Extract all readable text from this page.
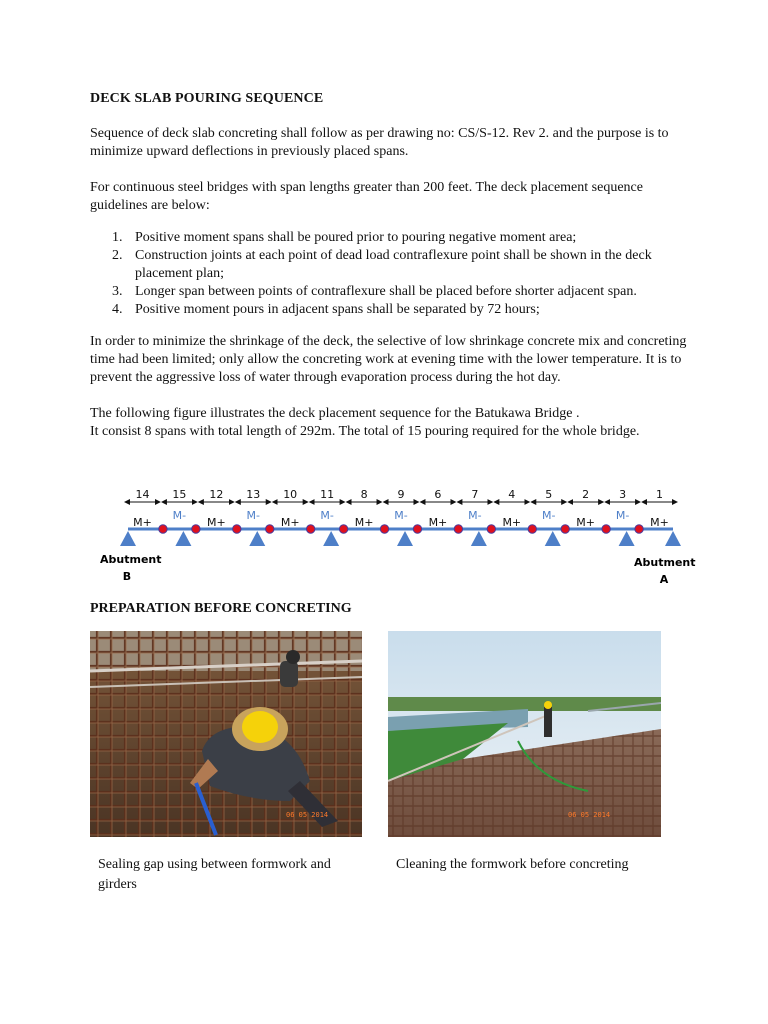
DECK SLAB POURING SEQUENCE

Sequence of deck slab concreting shall follow as per drawing no: CS/S-12. Rev 2. and the purpose is to minimize upward deflections in previously placed spans.

For continuous steel bridges with span lengths greater than 200 feet. The deck placement sequence guidelines are below:

1. Positive moment spans shall be poured prior to pouring negative moment area;
2. Construction joints at each point of dead load contraflexure point shall be shown in the deck placement plan;
3. Longer span between points of contraflexure shall be placed before shorter adjacent span.
4. Positive moment pours in adjacent spans shall be separated by 72 hours;

In order to minimize the shrinkage of the deck, the selective of low shrinkage concrete mix and concreting time had been limited; only allow the concreting work at evening time with the lower temperature. It is to prevent the aggressive loss of water through evaporation process during the hot day.

The following figure illustrates the deck placement sequence for the Batukawa Bridge .

It consist 8 spans with total length of 292m. The total of 15 pouring required for the whole bridge.

14 15 12 13 10 11 8	9	6	7	4	5	2	3	1
M+
M-
M+
M-
M+
M-
M+
M-
M+
M-
M+
M-
M+
M-
M+
Abutment
B
Abutment
A
PREPARATION BEFORE CONCRETING
06 05 2014	06 05 2014

Sealing gap using between formwork and girders

Cleaning the formwork before concreting
